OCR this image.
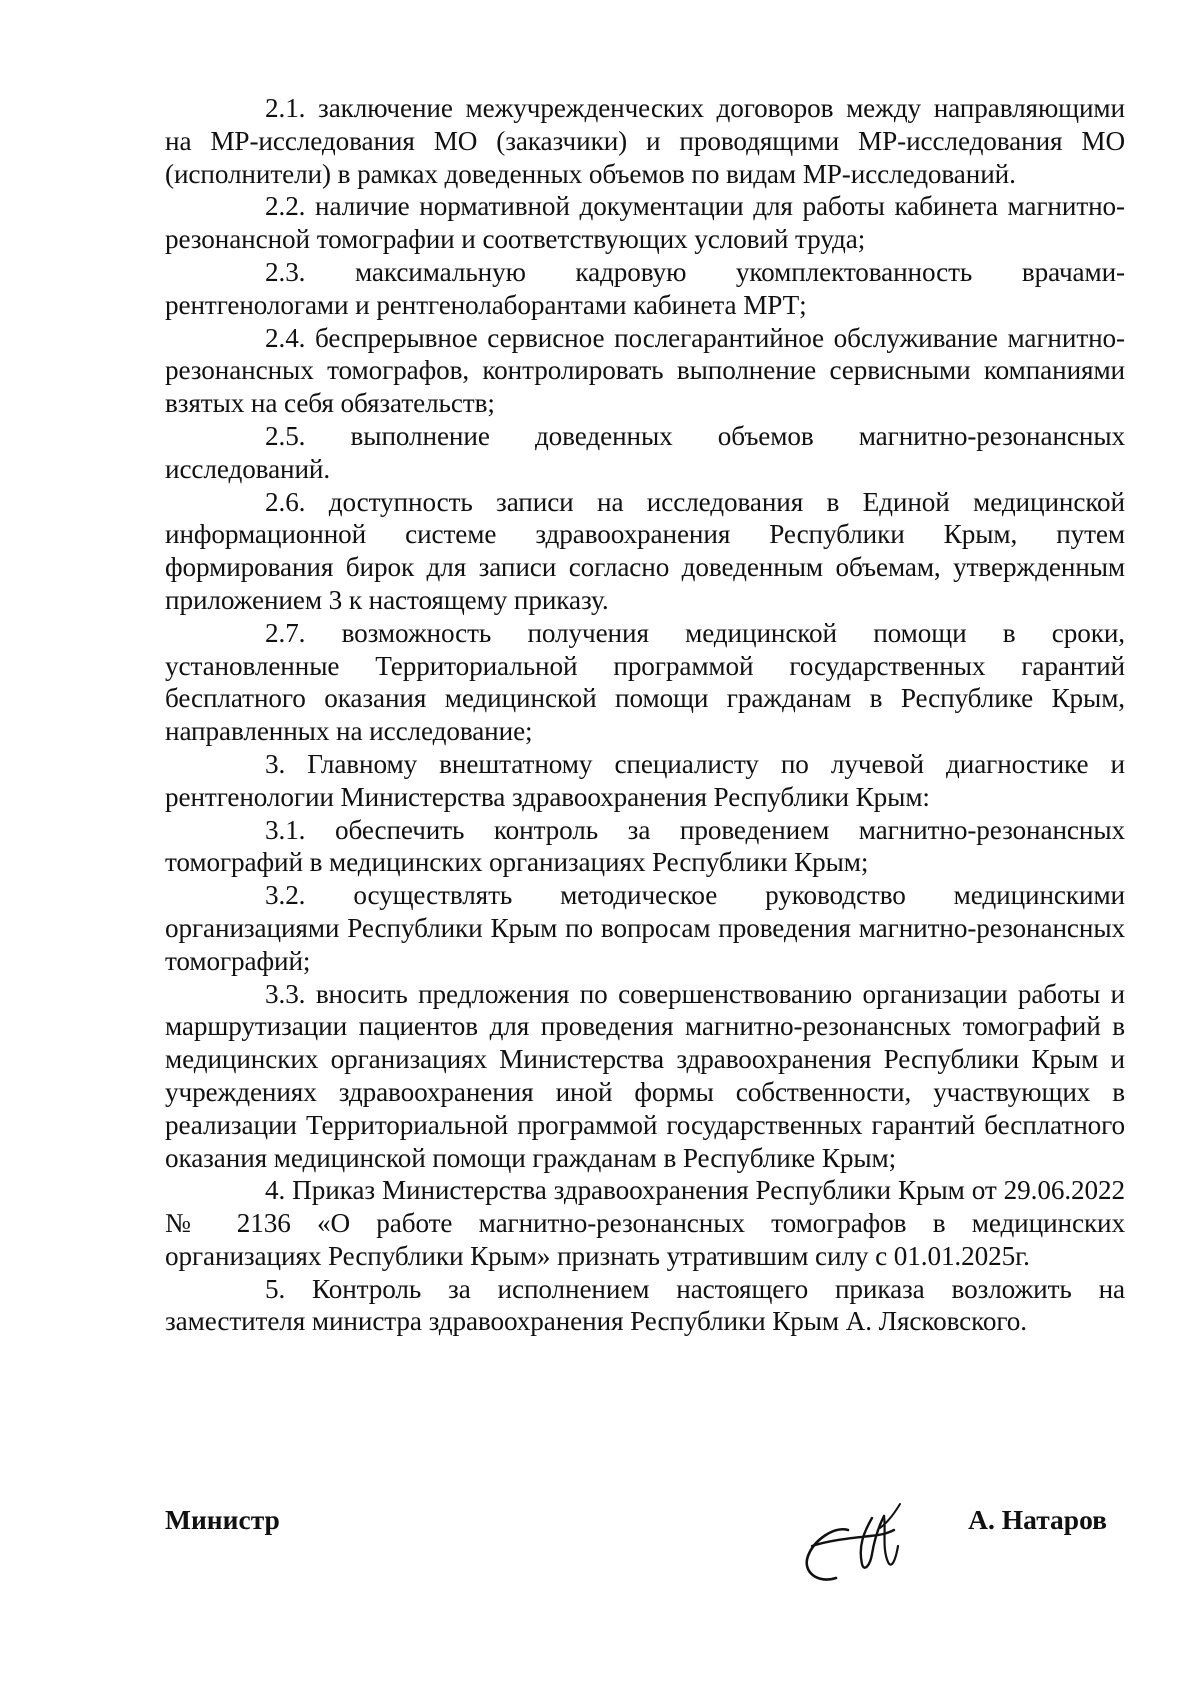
2.1. заключение межучрежденческих договоров между направляющими на МР-исследования МО (заказчики) и проводящими МР-исследования МО (исполнители) в рамках доведенных объемов по видам МР-исследований.

2.2. наличие нормативной документации для работы кабинета магнитно-резонансной томографии и соответствующих условий труда;

2.3. максимальную кадровую укомплектованность врачами-рентгенологами и рентгенолаборантами кабинета МРТ;

2.4. беспрерывное сервисное послегарантийное обслуживание магнитно-резонансных томографов, контролировать выполнение сервисными компаниями взятых на себя обязательств;

2.5. выполнение доведенных объемов магнитно-резонансных исследований.

2.6. доступность записи на исследования в Единой медицинской информационной системе здравоохранения Республики Крым, путем формирования бирок для записи согласно доведенным объемам, утвержденным приложением 3 к настоящему приказу.

2.7. возможность получения медицинской помощи в сроки, установленные Территориальной программой государственных гарантий бесплатного оказания медицинской помощи гражданам в Республике Крым, направленных на исследование;

3. Главному внештатному специалисту по лучевой диагностике и рентгенологии Министерства здравоохранения Республики Крым:

3.1. обеспечить контроль за проведением магнитно-резонансных томографий в медицинских организациях Республики Крым;

3.2. осуществлять методическое руководство медицинскими организациями Республики Крым по вопросам проведения магнитно-резонансных томографий;

3.3. вносить предложения по совершенствованию организации работы и маршрутизации пациентов для проведения магнитно-резонансных томографий в медицинских организациях Министерства здравоохранения Республики Крым и учреждениях здравоохранения иной формы собственности, участвующих в реализации Территориальной программой государственных гарантий бесплатного оказания медицинской помощи гражданам в Республике Крым;

4. Приказ Министерства здравоохранения Республики Крым от 29.06.2022 № 2136 «О работе магнитно-резонансных томографов в медицинских организациях Республики Крым» признать утратившим силу с 01.01.2025г.

5. Контроль за исполнением настоящего приказа возложить на заместителя министра здравоохранения Республики Крым А. Лясковского.

Министр	А. Натаров
